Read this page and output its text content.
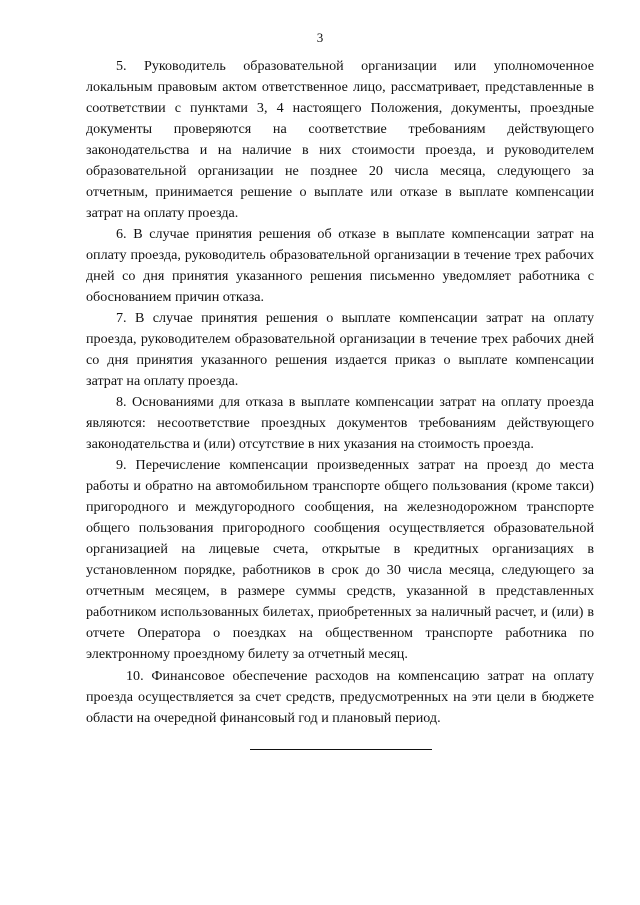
3

5. Руководитель образовательной организации или уполномоченное локальным правовым актом ответственное лицо, рассматривает, представленные в соответствии с пунктами 3, 4 настоящего Положения, документы, проездные документы проверяются на соответствие требованиям действующего законодательства и на наличие в них стоимости проезда, и руководителем образовательной организации не позднее 20 числа месяца, следующего за отчетным, принимается решение о выплате или отказе в выплате компенсации затрат на оплату проезда.

6. В случае принятия решения об отказе в выплате компенсации затрат на оплату проезда, руководитель образовательной организации в течение трех рабочих дней со дня принятия указанного решения письменно уведомляет работника с обоснованием причин отказа.

7. В случае принятия решения о выплате компенсации затрат на оплату проезда, руководителем образовательной организации в течение трех рабочих дней со дня принятия указанного решения издается приказ о выплате компенсации затрат на оплату проезда.

8. Основаниями для отказа в выплате компенсации затрат на оплату проезда являются: несоответствие проездных документов требованиям действующего законодательства и (или) отсутствие в них указания на стоимость проезда.

9. Перечисление компенсации произведенных затрат на проезд до места работы и обратно на автомобильном транспорте общего пользования (кроме такси) пригородного и междугородного сообщения, на железнодорожном транспорте общего пользования пригородного сообщения осуществляется образовательной организацией на лицевые счета, открытые в кредитных организациях в установленном порядке, работников в срок до 30 числа месяца, следующего за отчетным месяцем, в размере суммы средств, указанной в представленных работником использованных билетах, приобретенных за наличный расчет, и (или) в отчете Оператора о поездках на общественном транспорте работника по электронному проездному билету за отчетный месяц.

10. Финансовое обеспечение расходов на компенсацию затрат на оплату проезда осуществляется за счет средств, предусмотренных на эти цели в бюджете области на очередной финансовый год и плановый период.
